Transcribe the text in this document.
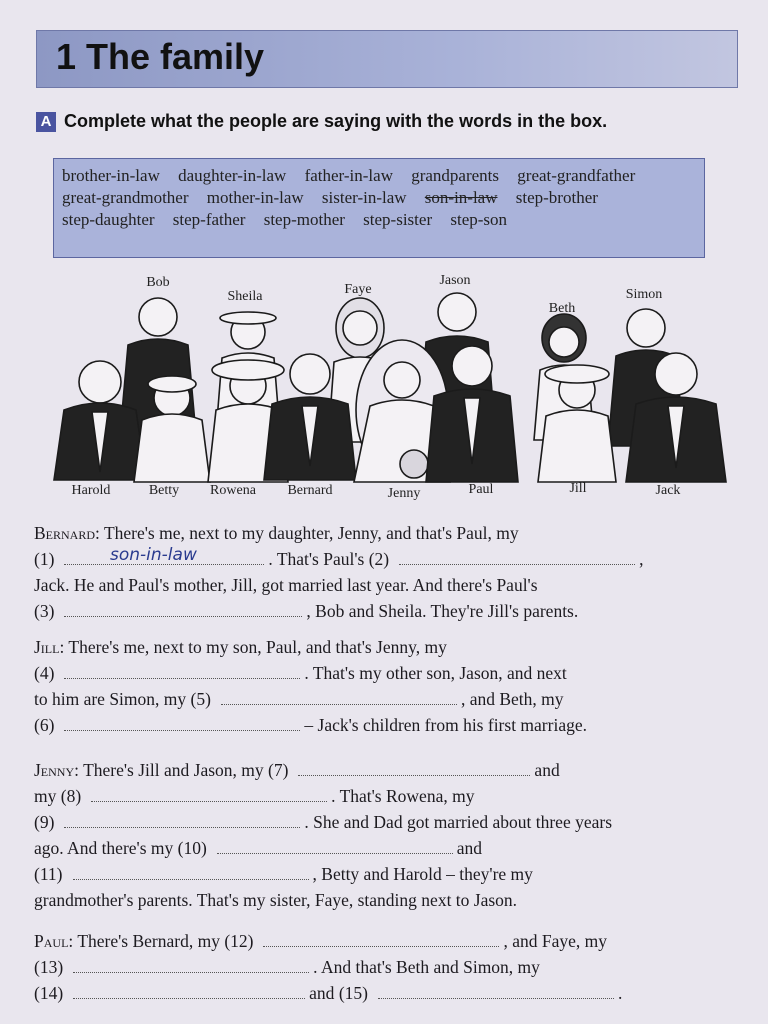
1 The family
A Complete what the people are saying with the words in the box.
brother-in-law daughter-in-law father-in-law grandparents great-grandfather great-grandmother mother-in-law sister-in-law son-in-law step-brother step-daughter step-father step-mother step-sister step-son
Bob
Sheila	Faye
Jason
Beth
Simon
Harold	Betty Rowena Bernard	Jenny	Paul	Jill	Jack
Bernard: There's me, next to my daughter, Jenny, and that's Paul, my
(1)	. That's Paul's (2)	,
Jack. He and Paul's mother, Jill, got married last year. And there's Paul's
(3)	, Bob and Sheila. They're Jill's parents.
son-in-law
Jill: There's me, next to my son, Paul, and that's Jenny, my
(4)	. That's my other son, Jason, and next
to him are Simon, my (5)	, and Beth, my
(6)	– Jack's children from his first marriage.
Jenny: There's Jill and Jason, my (7)	and
my (8)	. That's Rowena, my
(9)	. She and Dad got married about three years
ago. And there's my (10)	and
(11)	, Betty and Harold – they're my
grandmother's parents. That's my sister, Faye, standing next to Jason.
Paul: There's Bernard, my (12)	, and Faye, my
(13)	. And that's Beth and Simon, my
(14)	and (15)	.
